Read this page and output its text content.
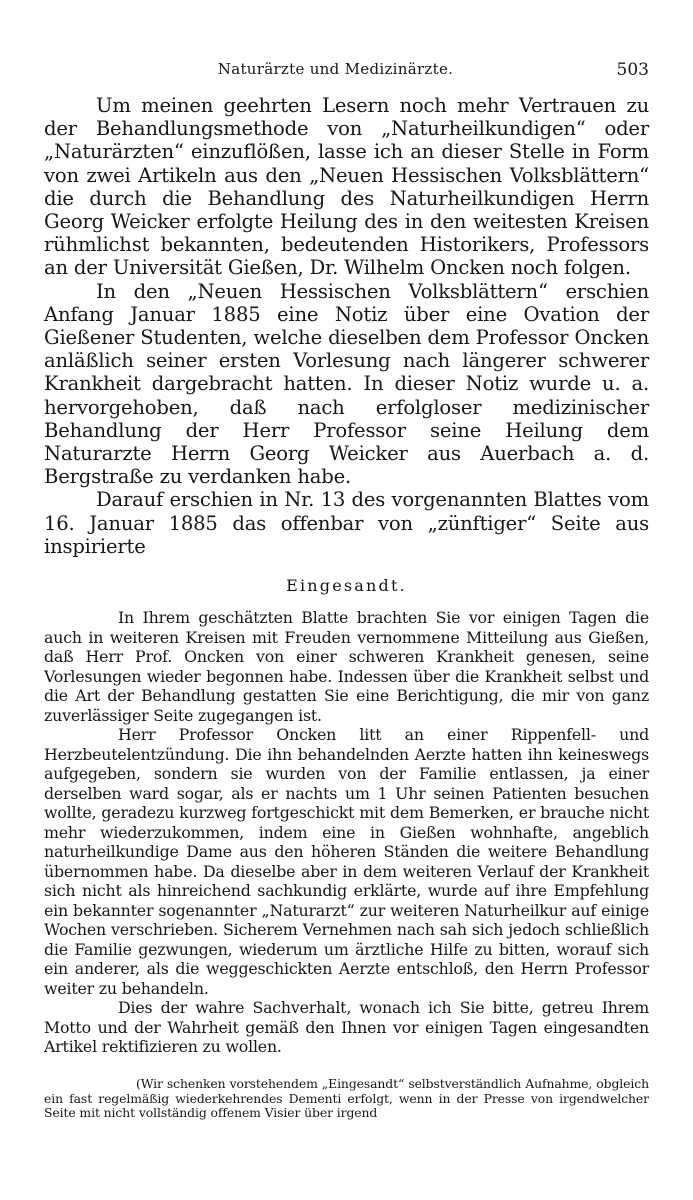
Naturärzte und Medizinärzte.	503

Um meinen geehrten Lesern noch mehr Vertrauen zu der Behandlungsmethode von „Naturheilkundigen“ oder „Naturärzten“ einzuflößen, lasse ich an dieser Stelle in Form von zwei Artikeln aus den „Neuen Hessischen Volksblättern“ die durch die Behandlung des Naturheilkundigen Herrn Georg Weicker erfolgte Heilung des in den weitesten Kreisen rühmlichst bekannten, bedeutenden Historikers, Professors an der Universität Gießen, Dr. Wilhelm Oncken noch folgen.

In den „Neuen Hessischen Volksblättern“ erschien Anfang Januar 1885 eine Notiz über eine Ovation der Gießener Studenten, welche dieselben dem Professor Oncken anläßlich seiner ersten Vorlesung nach längerer schwerer Krankheit dargebracht hatten. In dieser Notiz wurde u. a. hervorgehoben, daß nach erfolgloser medizinischer Behandlung der Herr Professor seine Heilung dem Naturarzte Herrn Georg Weicker aus Auerbach a. d. Bergstraße zu verdanken habe.

Darauf erschien in Nr. 13 des vorgenannten Blattes vom 16. Januar 1885 das offenbar von „zünftiger“ Seite aus inspirierte

Eingesandt.

In Ihrem geschätzten Blatte brachten Sie vor einigen Tagen die auch in weiteren Kreisen mit Freuden vernommene Mitteilung aus Gießen, daß Herr Prof. Oncken von einer schweren Krankheit genesen, seine Vorlesungen wieder begonnen habe. Indessen über die Krankheit selbst und die Art der Behandlung gestatten Sie eine Berichtigung, die mir von ganz zuverlässiger Seite zugegangen ist.

Herr Professor Oncken litt an einer Rippenfell- und Herzbeutelentzündung. Die ihn behandelnden Aerzte hatten ihn keineswegs aufgegeben, sondern sie wurden von der Familie entlassen, ja einer derselben ward sogar, als er nachts um 1 Uhr seinen Patienten besuchen wollte, geradezu kurzweg fortgeschickt mit dem Bemerken, er brauche nicht mehr wiederzukommen, indem eine in Gießen wohnhafte, angeblich naturheilkundige Dame aus den höheren Ständen die weitere Behandlung übernommen habe. Da dieselbe aber in dem weiteren Verlauf der Krankheit sich nicht als hinreichend sachkundig erklärte, wurde auf ihre Empfehlung ein bekannter sogenannter „Naturarzt“ zur weiteren Naturheilkur auf einige Wochen verschrieben. Sicherem Vernehmen nach sah sich jedoch schließlich die Familie gezwungen, wiederum um ärztliche Hilfe zu bitten, worauf sich ein anderer, als die weggeschickten Aerzte entschloß, den Herrn Professor weiter zu behandeln.

Dies der wahre Sachverhalt, wonach ich Sie bitte, getreu Ihrem Motto und der Wahrheit gemäß den Ihnen vor einigen Tagen eingesandten Artikel rektifizieren zu wollen.

(Wir schenken vorstehendem „Eingesandt“ selbstverständlich Aufnahme, obgleich ein fast regelmäßig wiederkehrendes Dementi erfolgt, wenn in der Presse von irgendwelcher Seite mit nicht vollständig offenem Visier über irgend
